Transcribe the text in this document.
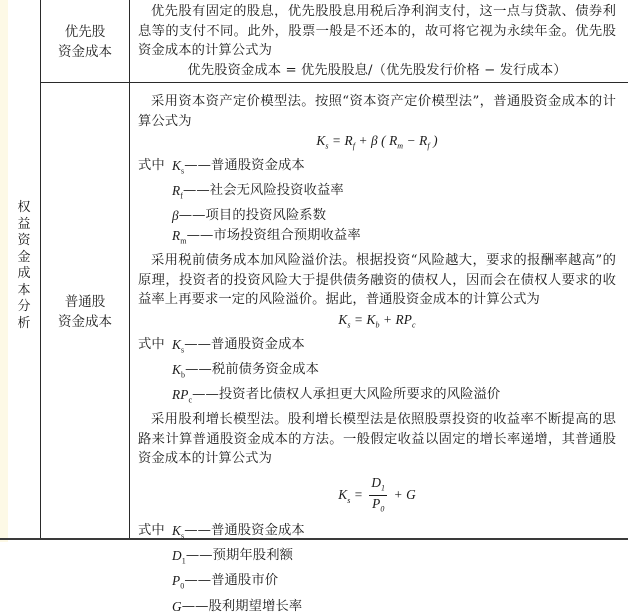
权
益
资
金
成
本
分
析
优先股
资金成本

优先股有固定的股息，优先股股息用税后净利润支付，这一点与贷款、债券利息等的支付不同。此外，股票一般是不还本的，故可将它视为永续年金。优先股资金成本的计算公式为

优先股资金成本 = 优先股股息/（优先股发行价格 − 发行成本）

普通股
资金成本

采用资本资产定价模型法。按照“资本资产定价模型法”，普通股资金成本的计算公式为

$K_s = R_f + \beta$ ( $R_m - R_f$ )

式中 $K_s$ ——普通股资金成本
$R_f$ ——社会无风险投资收益率
β ——项目的投资风险系数
$R_m$ ——市场投资组合预期收益率

采用税前债务成本加风险溢价法。根据投资“风险越大，要求的报酬率越高”的原理，投资者的投资风险大于提供债务融资的债权人，因而会在债权人要求的收益率上再要求一定的风险溢价。据此，普通股资金成本的计算公式为

$K_s = K_b + RP_c$

式中 $K_s$ ——普通股资金成本
$K_b$ ——税前债务资金成本
$RP_c$ ——投资者比债权人承担更大风险所要求的风险溢价

采用股利增长模型法。股利增长模型法是依照股票投资的收益率不断提高的思路来计算普通股资金成本的方法。一般假定收益以固定的增长率递增，其普通股资金成本的计算公式为

$K_s = \frac{D_1}{P_0} + G$

式中 $K_s$ ——普通股资金成本
$D_1$ ——预期年股利额
$P_0$ ——普通股市价
G ——股利期望增长率
